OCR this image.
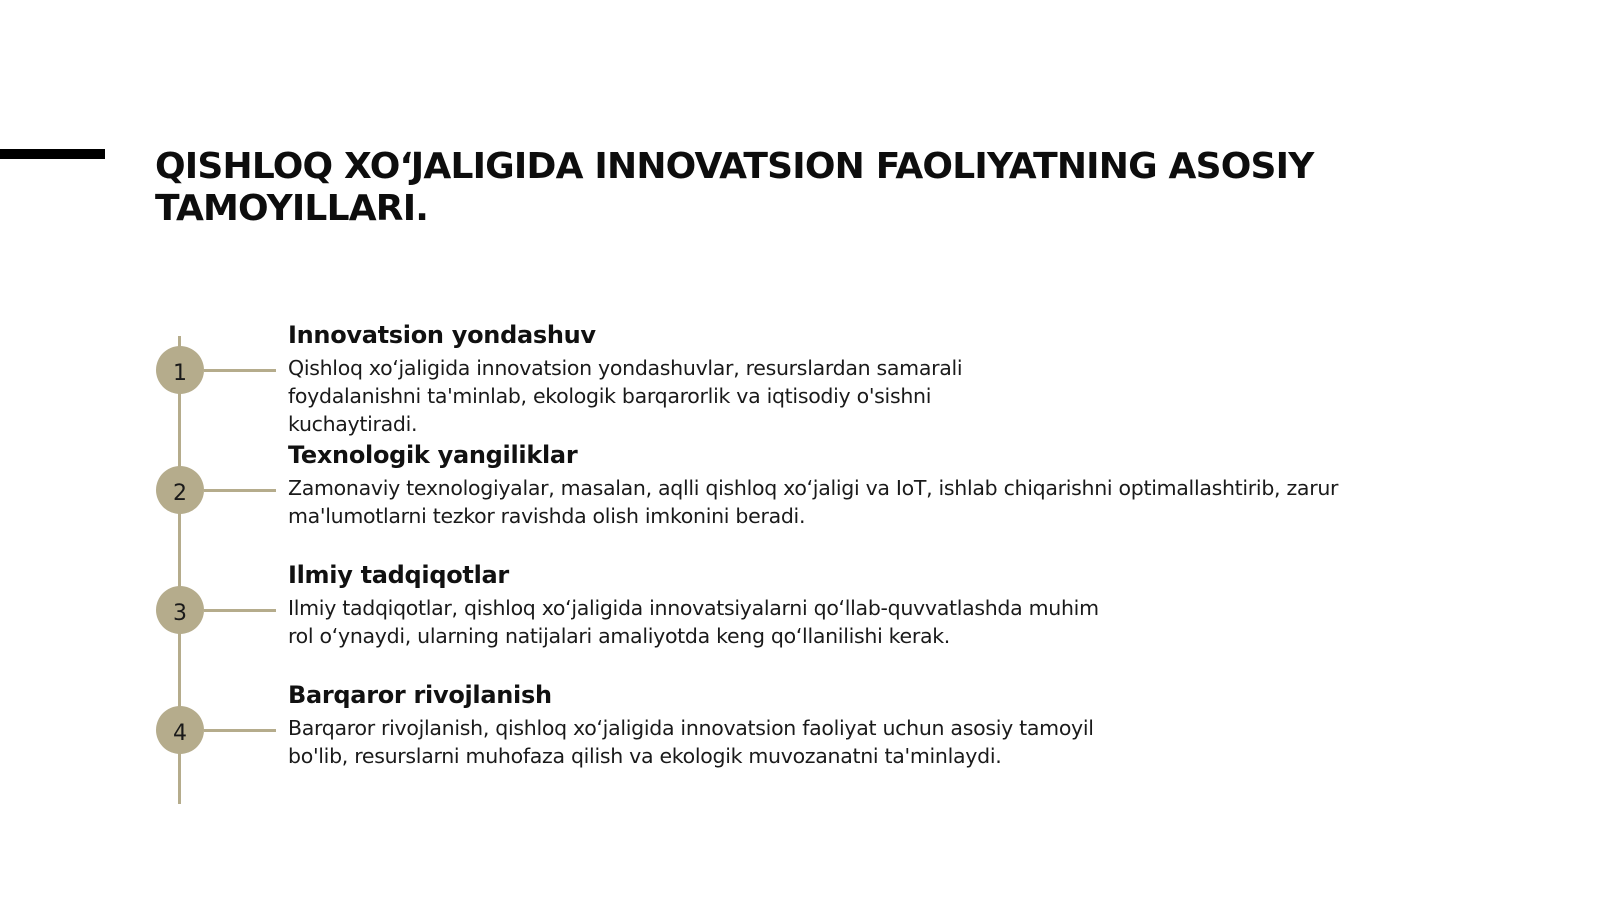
QISHLOQ XO‘JALIGIDA INNOVATSION FAOLIYATNING ASOSIY TAMOYILLARI.
1

Innovatsion yondashuv

Qishloq xo‘jaligida innovatsion yondashuvlar, resurslardan samarali foydalanishni ta'minlab, ekologik barqarorlik va iqtisodiy o'sishni kuchaytiradi.

2

Texnologik yangiliklar

Zamonaviy texnologiyalar, masalan, aqlli qishloq xo‘jaligi va IoT, ishlab chiqarishni optimallashtirib, zarur ma'lumotlarni tezkor ravishda olish imkonini beradi.

3

Ilmiy tadqiqotlar

Ilmiy tadqiqotlar, qishloq xo‘jaligida innovatsiyalarni qo‘llab-quvvatlashda muhim rol o‘ynaydi, ularning natijalari amaliyotda keng qo‘llanilishi kerak.

4

Barqaror rivojlanish

Barqaror rivojlanish, qishloq xo‘jaligida innovatsion faoliyat uchun asosiy tamoyil bo'lib, resurslarni muhofaza qilish va ekologik muvozanatni ta'minlaydi.
